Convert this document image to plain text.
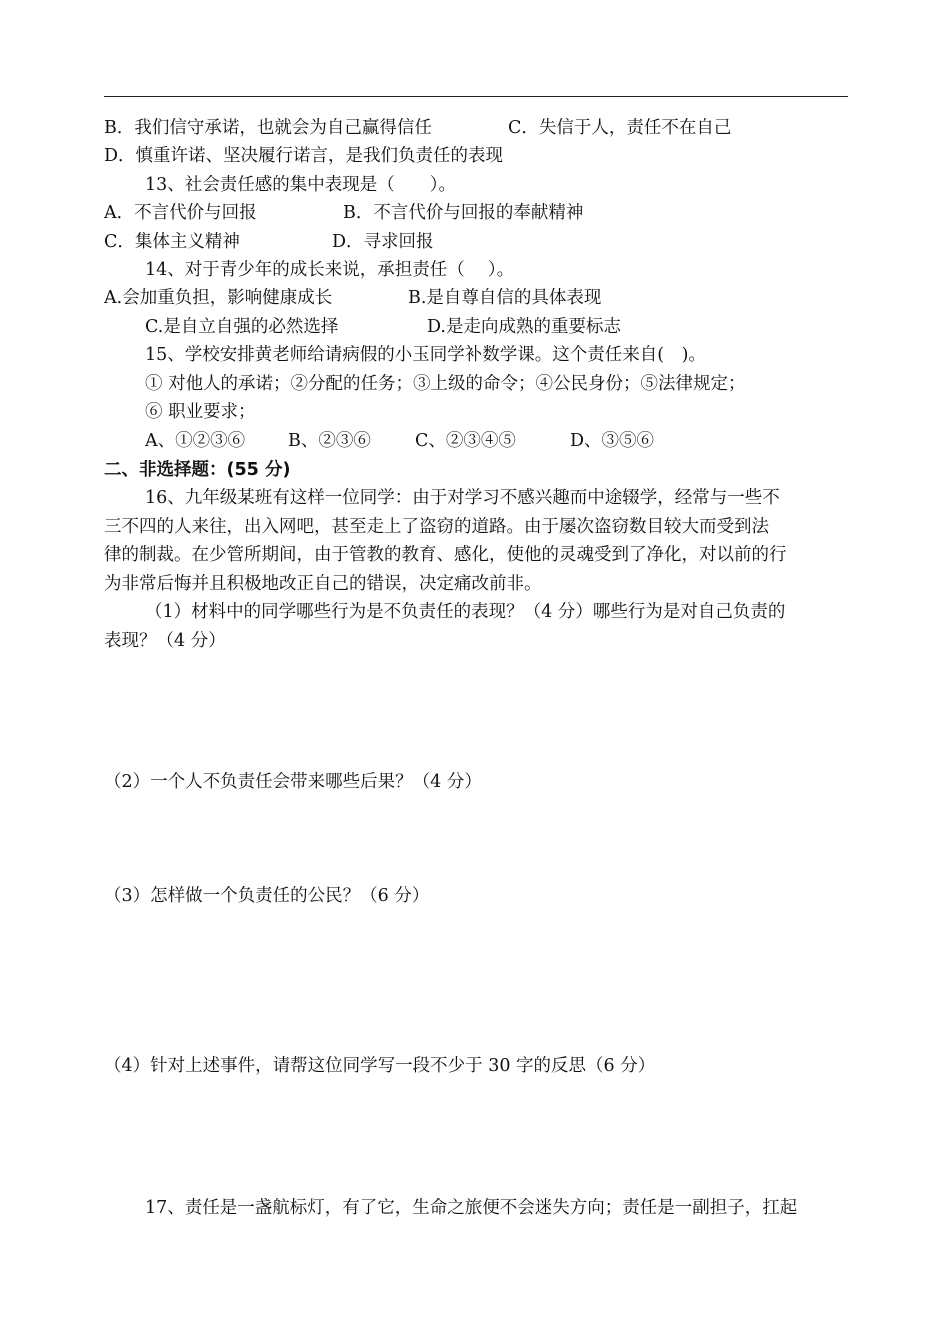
B．我们信守承诺，也就会为自己赢得信任	C．失信于人，责任不在自己
D．慎重许诺、坚决履行诺言，是我们负责任的表现
13、社会责任感的集中表现是（　　）。
A．不言代价与回报	B．不言代价与回报的奉献精神
C．集体主义精神	D．寻求回报
14、对于青少年的成长来说，承担责任（　 ）。
A.会加重负担，影响健康成长	B.是自尊自信的具体表现
C.是自立自强的必然选择	D.是走向成熟的重要标志
15、学校安排黄老师给请病假的小玉同学补数学课。这个责任来自(　)。
① 对他人的承诺；②分配的任务；③上级的命令；④公民身份；⑤法律规定；
⑥ 职业要求；
A、①②③⑥ B、②③⑥	C、②③④⑤	D、③⑤⑥
二、非选择题：(55 分)
16、九年级某班有这样一位同学：由于对学习不感兴趣而中途辍学，经常与一些不
三不四的人来往，出入网吧，甚至走上了盗窃的道路。由于屡次盗窃数目较大而受到法
律的制裁。在少管所期间，由于管教的教育、感化，使他的灵魂受到了净化，对以前的行
为非常后悔并且积极地改正自己的错误，决定痛改前非。
（1）材料中的同学哪些行为是不负责任的表现？（4 分）哪些行为是对自己负责的
表现？（4 分）
（2）一个人不负责任会带来哪些后果？（4 分）
（3）怎样做一个负责任的公民？（6 分）
（4）针对上述事件，请帮这位同学写一段不少于 30 字的反思（6 分）
17、责任是一盏航标灯，有了它，生命之旅便不会迷失方向；责任是一副担子，扛起
